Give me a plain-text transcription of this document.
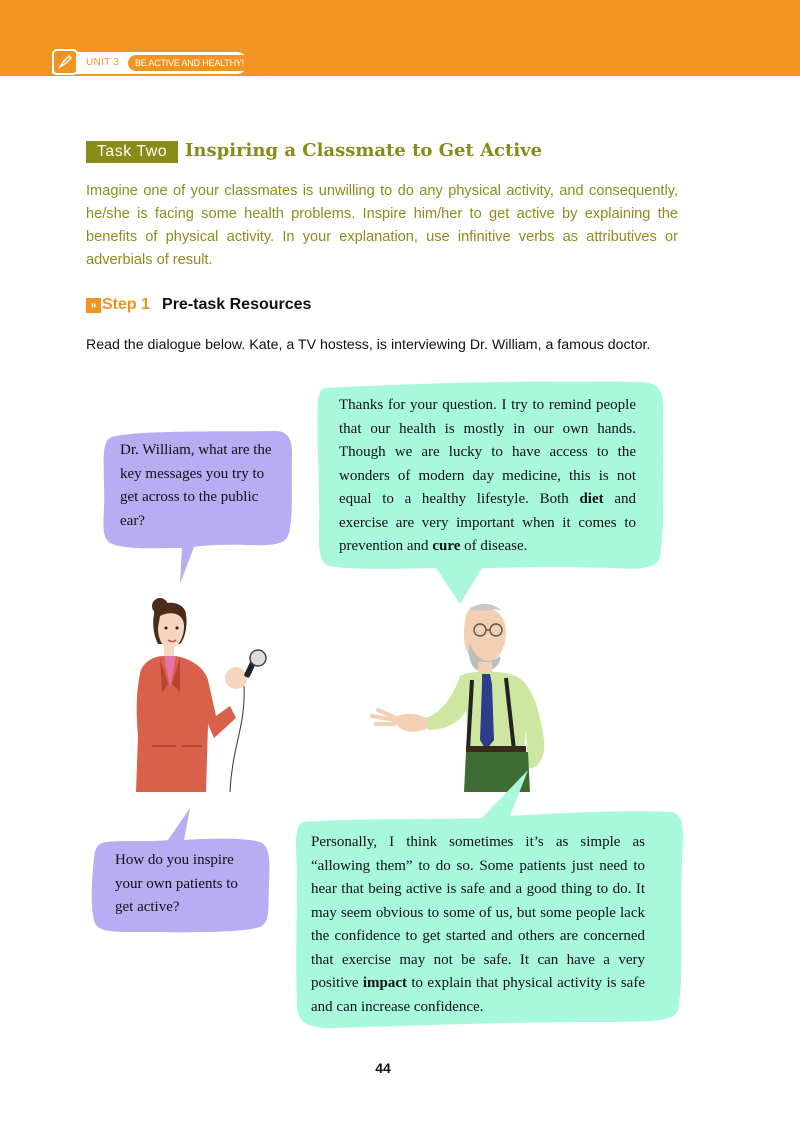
UNIT 3	BE ACTIVE AND HEALTHY!
Task Two Inspiring a Classmate to Get Active

Imagine one of your classmates is unwilling to do any physical activity, and consequently, he/she is facing some health problems. Inspire him/her to get active by explaining the benefits of physical activity. In your explanation, use infinitive verbs as attributives or adverbials of result.

» Step 1 Pre-task Resources

Read the dialogue below. Kate, a TV hostess, is interviewing Dr. William, a famous doctor.

Dr. William, what are the key messages you try to get across to the public ear?

Thanks for your question. I try to remind people that our health is mostly in our own hands. Though we are lucky to have access to the wonders of modern day medicine, this is not equal to a healthy lifestyle. Both diet and exercise are very important when it comes to prevention and cure of disease.

How do you inspire your own patients to get active?

Personally, I think sometimes it’s as simple as “allowing them” to do so. Some patients just need to hear that being active is safe and a good thing to do. It may seem obvious to some of us, but some people lack the confidence to get started and others are concerned that exercise may not be safe. It can have a very positive impact to explain that physical activity is safe and can increase confidence.

44
